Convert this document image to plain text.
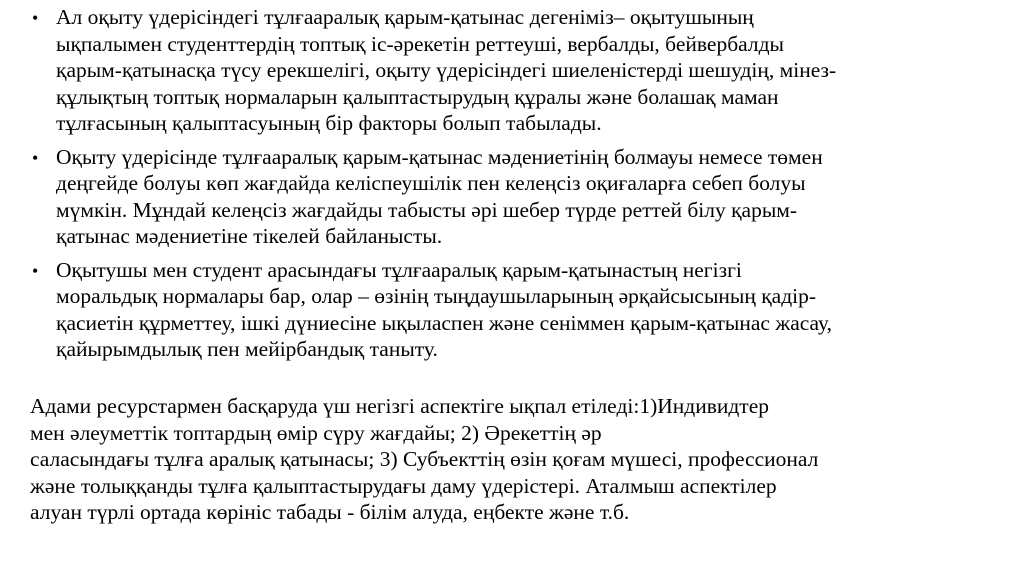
• Ал оқыту үдерісіндегі тұлғааралық қарым-қатынас дегеніміз– оқытушының
ықпалымен студенттердің топтық іс-әрекетін реттеуші, вербалды, бейвербалды
қарым-қатынасқа түсу ерекшелігі, оқыту үдерісіндегі шиеленістерді шешудің, мінез-
құлықтың топтық нормаларын қалыптастырудың құралы және болашақ маман
тұлғасының қалыптасуының бір факторы болып табылады.
• Оқыту үдерісінде тұлғааралық қарым-қатынас мәдениетінің болмауы немесе төмен
деңгейде болуы көп жағдайда келіспеушілік пен келеңсіз оқиғаларға себеп болуы
мүмкін. Мұндай келеңсіз жағдайды табысты әрі шебер түрде реттей білу қарым-
қатынас мәдениетіне тікелей байланысты.
• Оқытушы мен студент арасындағы тұлғааралық қарым-қатынастың негізгі
моральдық нормалары бар, олар – өзінің тыңдаушыларының әрқайсысының қадір-
қасиетін құрметтеу, ішкі дүниесіне ықыласпен және сеніммен қарым-қатынас жасау,
қайырымдылық пен мейірбандық таныту.
Адами ресурстармен басқаруда үш негізгі аспектіге ықпал етіледі:1)Индивидтер
мен әлеуметтік топтардың өмір сүру жағдайы; 2) Әрекеттің әр
саласындағы тұлға аралық қатынасы; 3) Субъекттің өзін қоғам мүшесі, профессионал
және толыққанды тұлға қалыптастырудағы даму үдерістері. Аталмыш аспектілер
алуан түрлі ортада көрініс табады - білім алуда, еңбекте және т.б.
